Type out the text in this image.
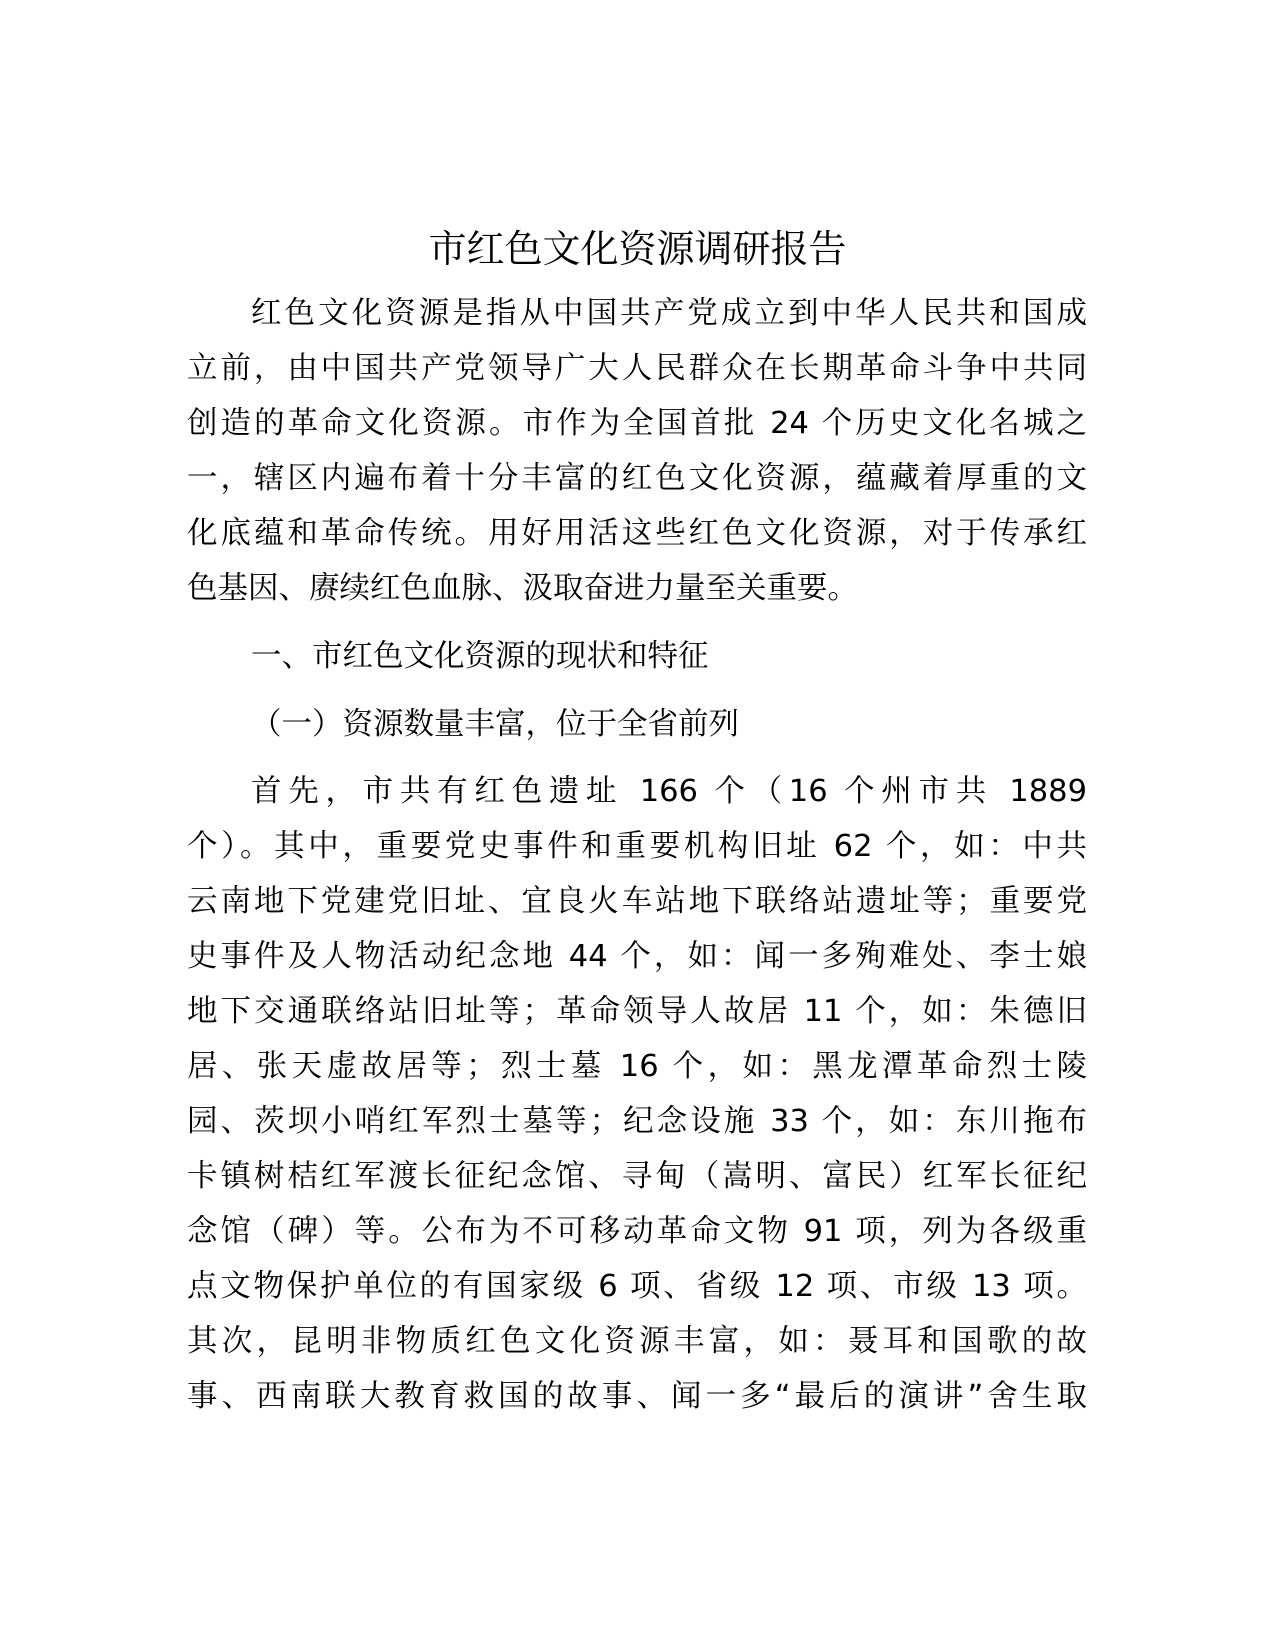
市红色文化资源调研报告
红色文化资源是指从中国共产党成立到中华人民共和国成
立前，由中国共产党领导广大人民群众在长期革命斗争中共同
创造的革命文化资源。市作为全国首批 24 个历史文化名城之
一，辖区内遍布着十分丰富的红色文化资源，蕴藏着厚重的文
化底蕴和革命传统。用好用活这些红色文化资源，对于传承红
色基因、赓续红色血脉、汲取奋进力量至关重要。
一、市红色文化资源的现状和特征
（一）资源数量丰富，位于全省前列
首先，市共有红色遗址 166 个（16 个州市共 1889
个）。其中，重要党史事件和重要机构旧址 62 个，如：中共
云南地下党建党旧址、宜良火车站地下联络站遗址等；重要党
史事件及人物活动纪念地 44 个，如：闻一多殉难处、李士娘
地下交通联络站旧址等；革命领导人故居 11 个，如：朱德旧
居、张天虚故居等；烈士墓 16 个，如：黑龙潭革命烈士陵
园、茨坝小哨红军烈士墓等；纪念设施 33 个，如：东川拖布
卡镇树桔红军渡长征纪念馆、寻甸（嵩明、富民）红军长征纪
念馆（碑）等。公布为不可移动革命文物 91 项，列为各级重
点文物保护单位的有国家级 6 项、省级 12 项、市级 13 项。
其次，昆明非物质红色文化资源丰富，如：聂耳和国歌的故
事、西南联大教育救国的故事、闻一多“最后的演讲”舍生取
